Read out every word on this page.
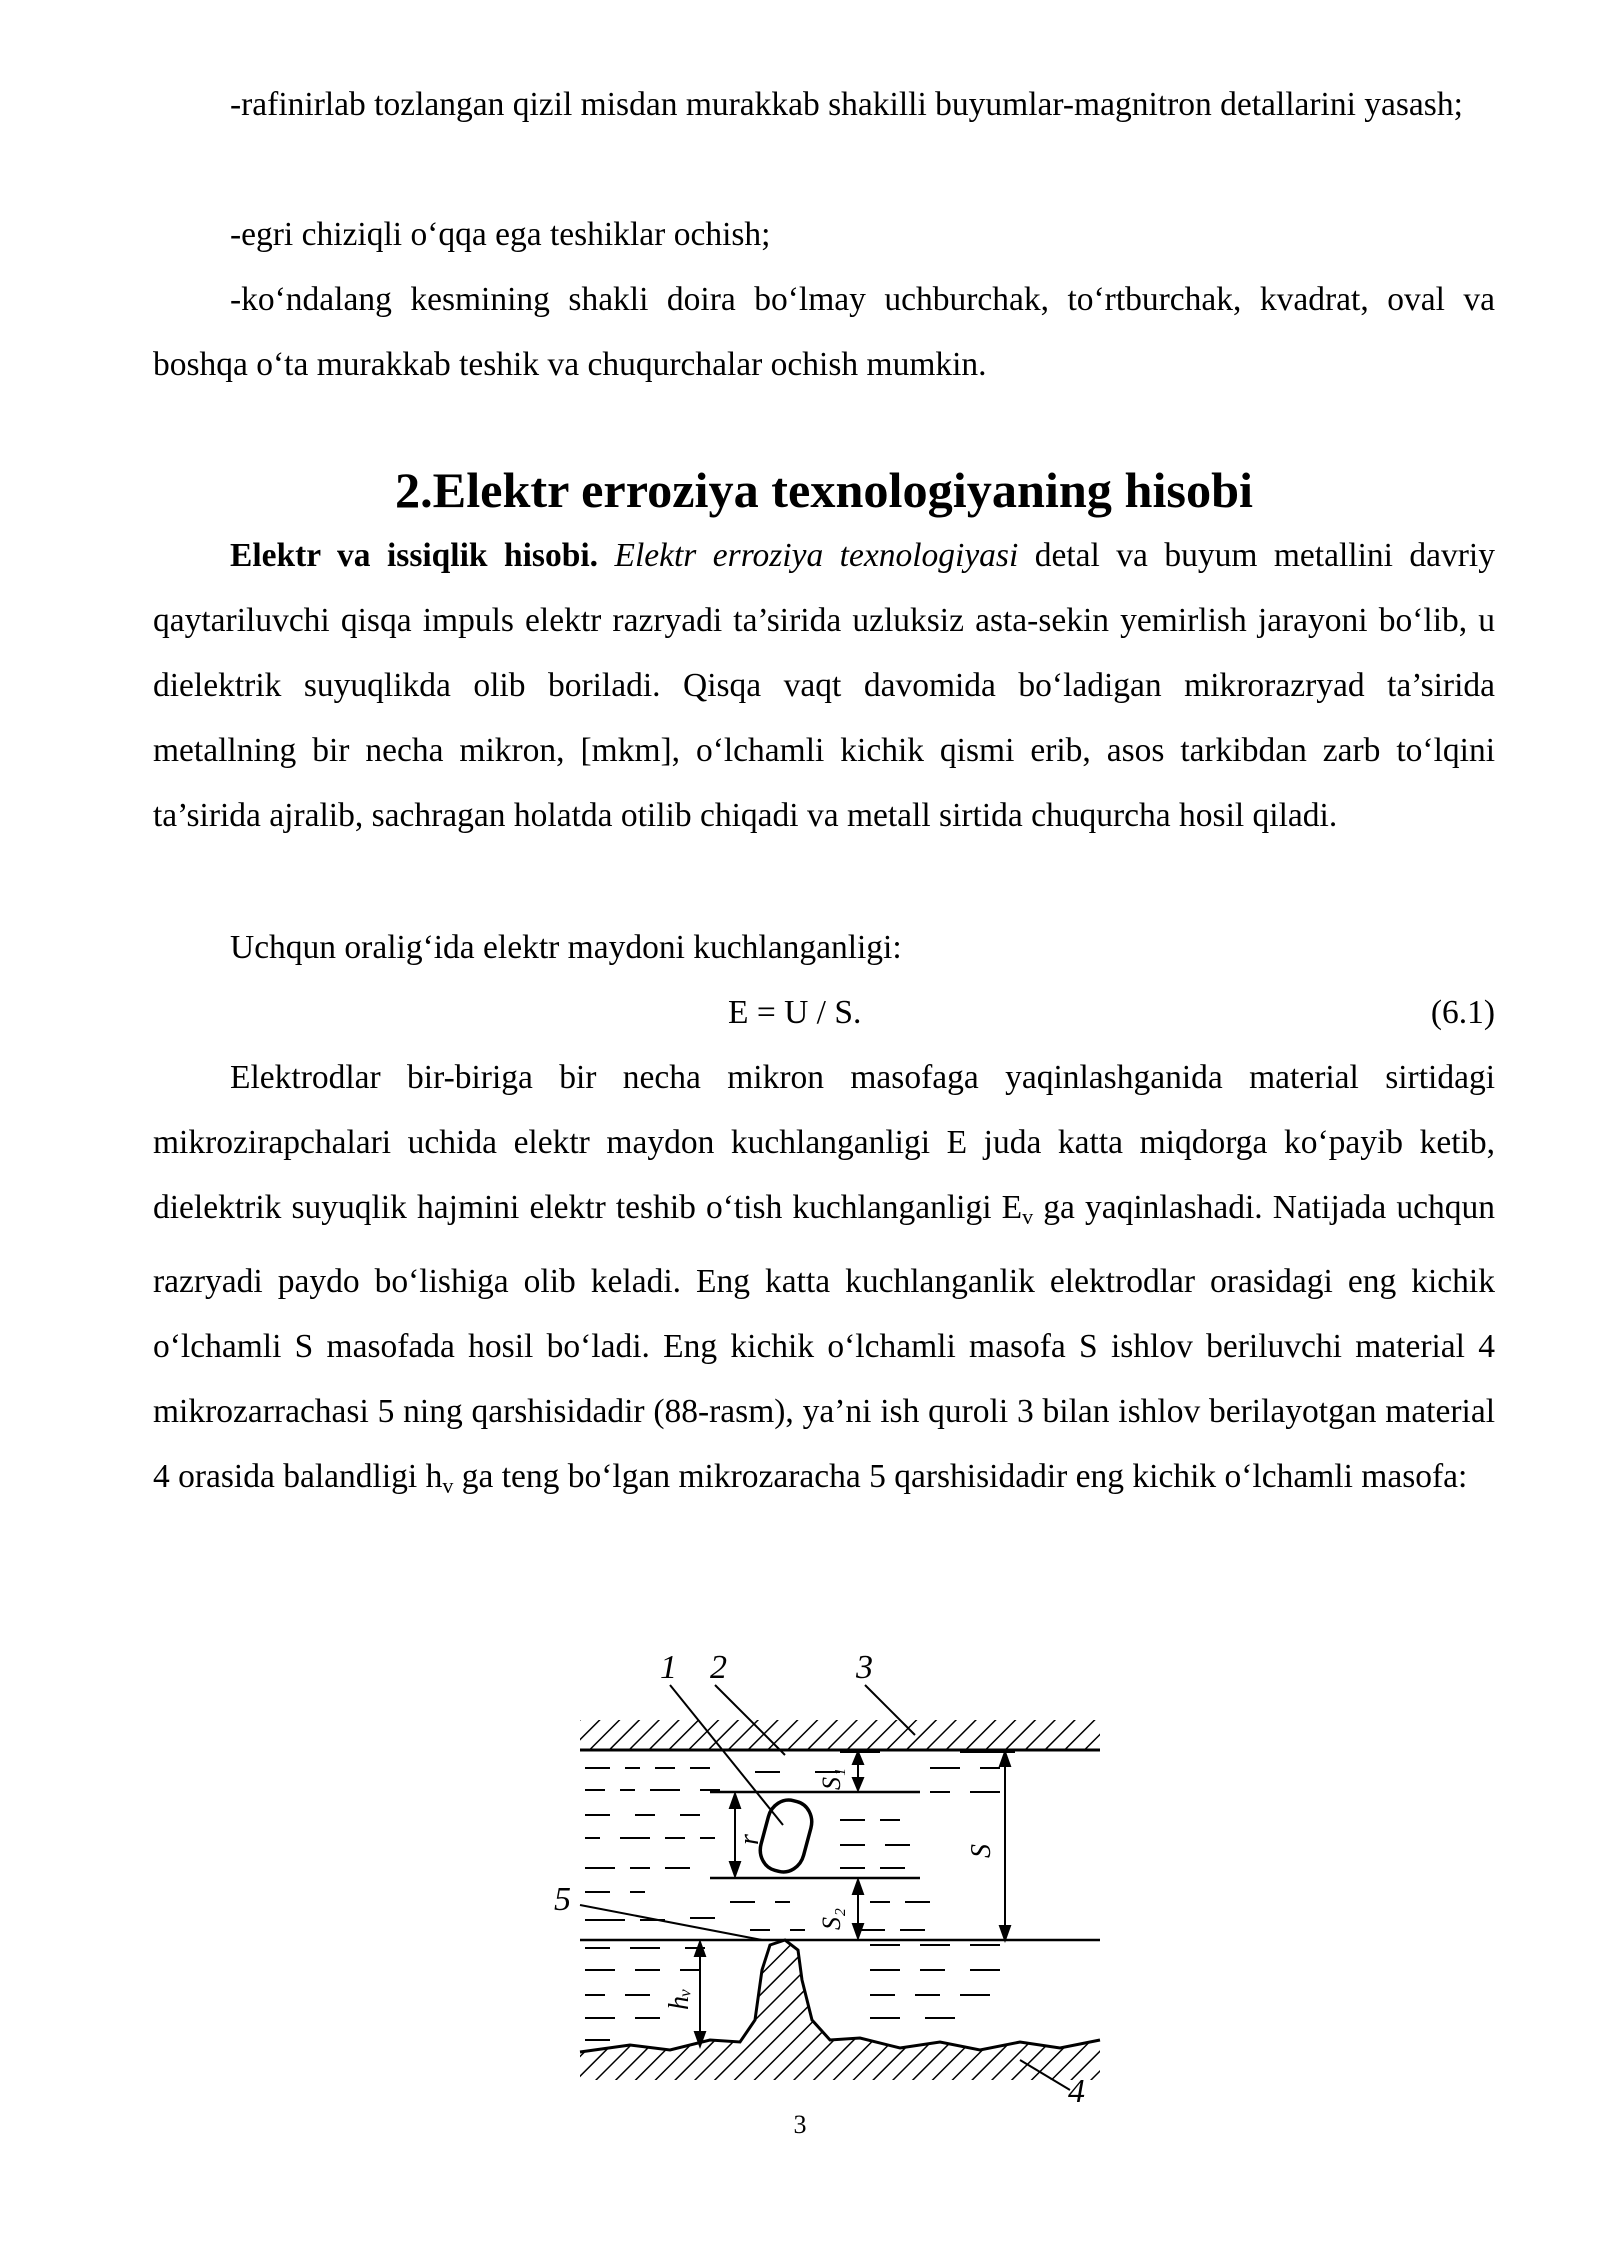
-rafinirlab tozlangan qizil misdan murakkab shakilli buyumlar-magnitron detallarini yasash;

-egri chiziqli o‘qqa ega teshiklar ochish;

-ko‘ndalang kesmining shakli doira bo‘lmay uchburchak, to‘rtburchak, kvadrat, oval va boshqa o‘ta murakkab teshik va chuqurchalar ochish mumkin.

2.Elektr erroziya texnologiyaning hisobi

Elektr va issiqlik hisobi. Elektr erroziya texnologiyasi detal va buyum metallini davriy qaytariluvchi qisqa impuls elektr razryadi ta’sirida uzluksiz asta-sekin yemirlish jarayoni bo‘lib, u dielektrik suyuqlikda olib boriladi. Qisqa vaqt davomida bo‘ladigan mikrorazryad ta’sirida metallning bir necha mikron, [mkm], o‘lchamli kichik qismi erib, asos tarkibdan zarb to‘lqini ta’sirida ajralib, sachragan holatda otilib chiqadi va metall sirtida chuqurcha hosil qiladi.

Uchqun oralig‘ida elektr maydoni kuchlanganligi:

E = U / S.	(6.1)

Elektrodlar bir-biriga bir necha mikron masofaga yaqinlashganida material sirtidagi mikrozirapchalari uchida elektr maydon kuchlanganligi E juda katta miqdorga ko‘payib ketib, dielektrik suyuqlik hajmini elektr teshib o‘tish kuchlanganligi $E_v$ ga yaqinlashadi. Natijada uchqun razryadi paydo bo‘lishiga olib keladi. Eng katta kuchlanganlik elektrodlar orasidagi eng kichik o‘lchamli S masofada hosil bo‘ladi. Eng kichik o‘lchamli masofa S ishlov beriluvchi material 4 mikrozarrachasi 5 ning qarshisidadir (88-rasm), ya’ni ish quroli 3 bilan ishlov berilayotgan material 4 orasida balandligi $h_v$ ga teng bo‘lgan mikrozaracha 5 qarshisidadir eng kichik o‘lchamli masofa:

1 2	3
4
5
S₁
S₂
S
r
hᵥ
3
